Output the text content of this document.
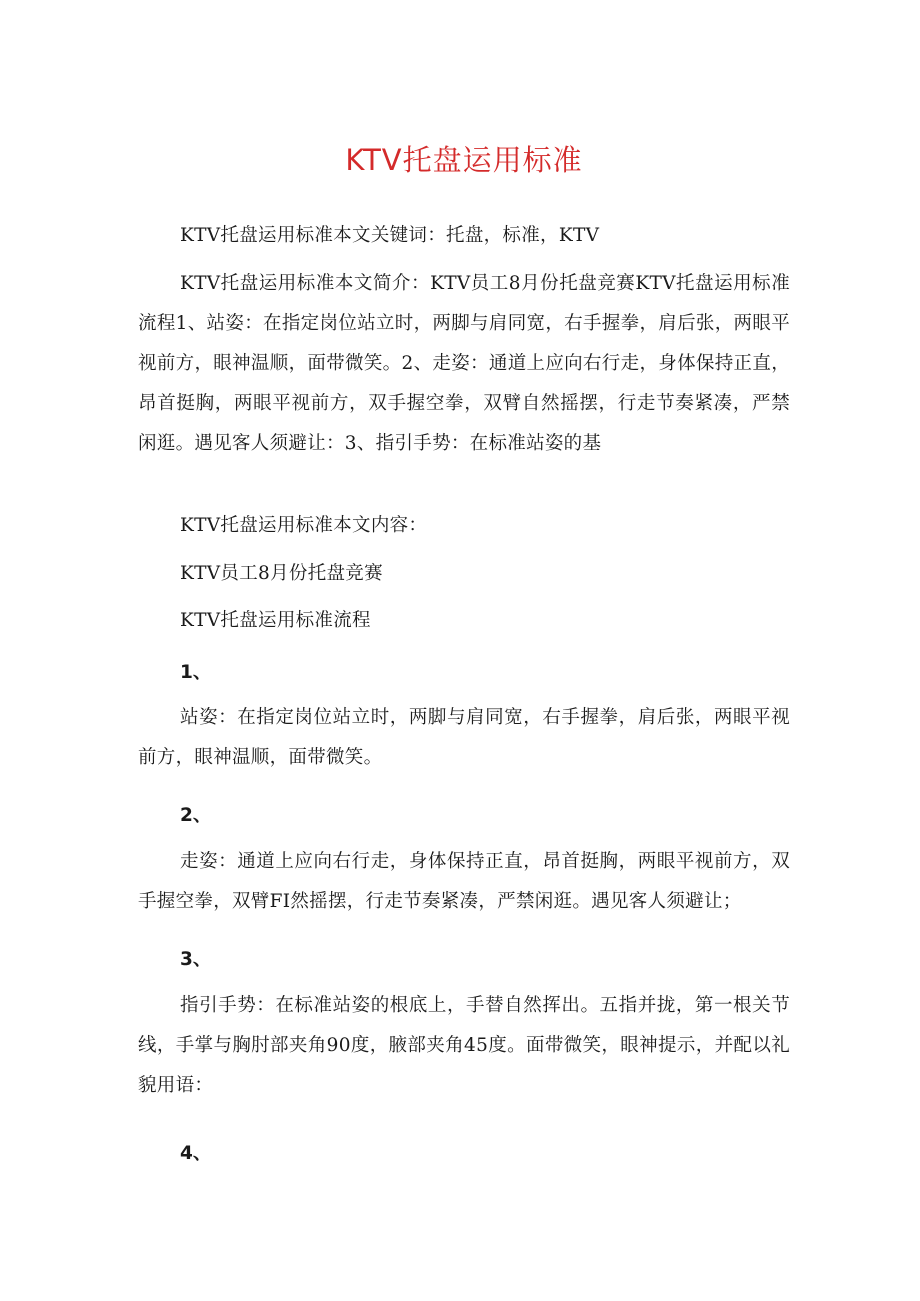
KTV托盘运用标准

KTV托盘运用标准本文关键词：托盘，标准，KTV

KTV托盘运用标准本文简介：KTV员工8月份托盘竞赛KTV托盘运用标准流程1、站姿：在指定岗位站立时，两脚与肩同宽，右手握拳，肩后张，两眼平视前方，眼神温顺，面带微笑。2、走姿：通道上应向右行走，身体保持正直，昂首挺胸，两眼平视前方，双手握空拳，双臂自然摇摆，行走节奏紧凑，严禁闲逛。遇见客人须避让：3、指引手势：在标准站姿的基

KTV托盘运用标准本文内容：

KTV员工8月份托盘竞赛

KTV托盘运用标准流程

1、

站姿：在指定岗位站立时，两脚与肩同宽，右手握拳，肩后张，两眼平视前方，眼神温顺，面带微笑。

2、

走姿：通道上应向右行走，身体保持正直，昂首挺胸，两眼平视前方，双手握空拳，双臂FI然摇摆，行走节奏紧凑，严禁闲逛。遇见客人须避让；

3、

指引手势：在标准站姿的根底上，手替自然挥出。五指并拢，第一根关节线，手掌与胸肘部夹角90度，腋部夹角45度。面带微笑，眼神提示，并配以礼貌用语：

4、
